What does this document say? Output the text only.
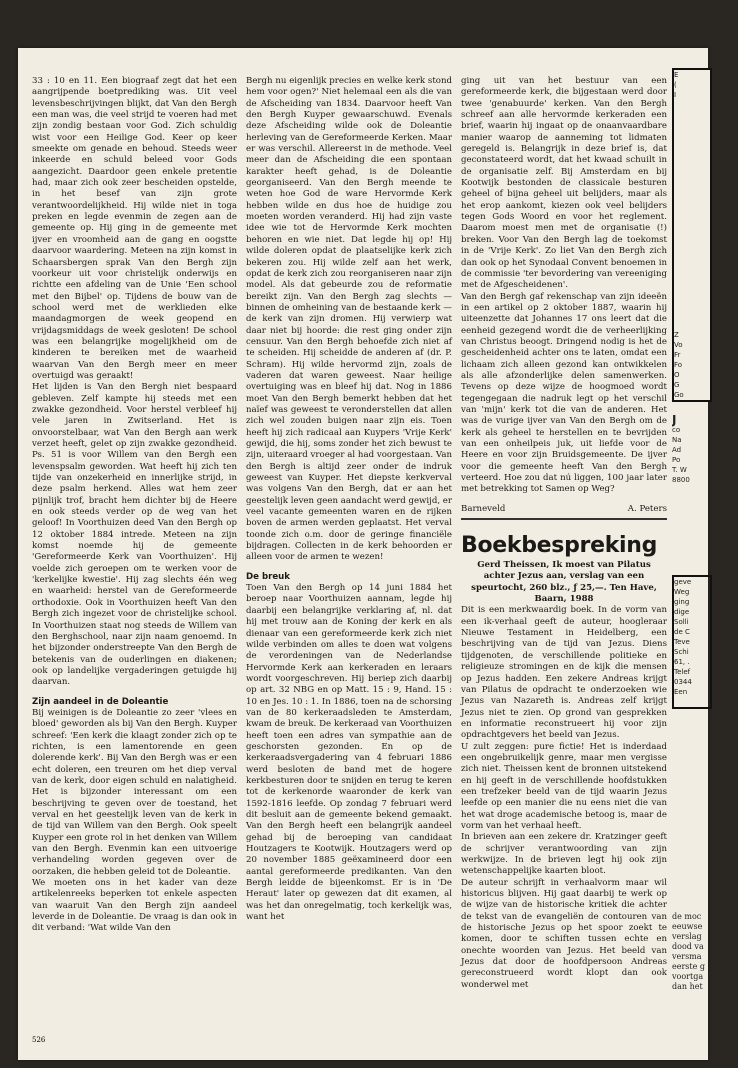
33 : 10 en 11. Een biograaf zegt dat het een aangrijpende boetprediking was. Uit veel levensbeschrijvingen blijkt, dat Van den Bergh een man was, die veel strijd te voeren had met zijn zondig bestaan voor God. Zich schuldig wist voor een Heilige God. Keer op keer smeekte om genade en behoud. Steeds weer inkeerde en schuld beleed voor Gods aangezicht. Daardoor geen enkele pretentie had, maar zich ook zeer bescheiden opstelde, in het besef van zijn grote verantwoordelijkheid. Hij wilde niet in toga preken en legde evenmin de zegen aan de gemeente op. Hij ging in de gemeente met ijver en vroomheid aan de gang en oogstte daarvoor waardering. Meteen na zijn komst in Schaarsbergen sprak Van den Bergh zijn voorkeur uit voor christelijk onderwijs en richtte een afdeling van de Unie 'Een school met den Bijbel' op. Tijdens de bouw van de school werd met de werklieden elke maandagmorgen de week geopend en vrijdagsmiddags de week gesloten! De school was een belangrijke mogelijkheid om de kinderen te bereiken met de waarheid waarvan Van den Bergh meer en meer overtuigd was geraakt!

Het lijden is Van den Bergh niet bespaard gebleven. Zelf kampte hij steeds met een zwakke gezondheid. Voor herstel verbleef hij vele jaren in Zwitserland. Het is onvoorstelbaar, wat Van den Bergh aan werk verzet heeft, gelet op zijn zwakke gezondheid. Ps. 51 is voor Willem van den Bergh een levenspsalm geworden. Wat heeft hij zich ten tijde van onzekerheid en innerlijke strijd, in deze psalm herkend. Alles wat hem zeer pijnlijk trof, bracht hem dichter bij de Heere en ook steeds verder op de weg van het geloof! In Voorthuizen deed Van den Bergh op 12 oktober 1884 intrede. Meteen na zijn komst noemde hij de gemeente 'Gereformeerde Kerk van Voorthuizen'. Hij voelde zich geroepen om te werken voor de 'kerkelijke kwestie'. Hij zag slechts één weg en waarheid: herstel van de Gereformeerde orthodoxie. Ook in Voorthuizen heeft Van den Bergh zich ingezet voor de christelijke school. In Voorthuizen staat nog steeds de Willem van den Berghschool, naar zijn naam genoemd. In het bijzonder onderstreepte Van den Bergh de betekenis van de ouderlingen en diakenen; ook op landelijke vergaderingen getuigde hij daarvan.

Zijn aandeel in de Doleantie

Bij weinigen is de Doleantie zo zeer 'vlees en bloed' geworden als bij Van den Bergh. Kuyper schreef: 'Een kerk die klaagt zonder zich op te richten, is een lamentorende en geen dolerende kerk'. Bij Van den Bergh was er een echt doleren, een treuren om het diep verval van de kerk, door eigen schuld en nalatigheid. Het is bijzonder interessant om een beschrijving te geven over de toestand, het verval en het geestelijk leven van de kerk in de tijd van Willem van den Bergh. Ook speelt Kuyper een grote rol in het denken van Willem van den Bergh. Evenmin kan een uitvoerige verhandeling worden gegeven over de oorzaken, die hebben geleid tot de Doleantie.

We moeten ons in het kader van deze artikelenreeks beperken tot enkele aspecten van waaruit Van den Bergh zijn aandeel leverde in de Doleantie. De vraag is dan ook in dit verband: 'Wat wilde Van den

Bergh nu eigenlijk precies en welke kerk stond hem voor ogen?' Niet helemaal een als die van de Afscheiding van 1834. Daarvoor heeft Van den Bergh Kuyper gewaarschuwd. Evenals deze Afscheiding wilde ook de Doleantie herleving van de Gereformeerde Kerken. Maar er was verschil. Allereerst in de methode. Veel meer dan de Afscheiding die een spontaan karakter heeft gehad, is de Doleantie georganiseerd. Van den Bergh meende te weten hoe God de ware Hervormde Kerk hebben wilde en dus hoe de huidige zou moeten worden veranderd. Hij had zijn vaste idee wie tot de Hervormde Kerk mochten behoren en wie niet. Dat legde hij op! Hij wilde doleren opdat de plaatselijke kerk zich bekeren zou. Hij wilde zelf aan het werk, opdat de kerk zich zou reorganiseren naar zijn model. Als dat gebeurde zou de reformatie bereikt zijn. Van den Bergh zag slechts — binnen de omheining van de bestaande kerk — de kerk van zijn dromen. Hij verwierp wat daar niet bij hoorde: die rest ging onder zijn censuur. Van den Bergh behoefde zich niet af te scheiden. Hij scheidde de anderen af (dr. P. Schram). Hij wilde hervormd zijn, zoals de vaderen dat waren geweest. Naar heilige overtuiging was en bleef hij dat. Nog in 1886 moet Van den Bergh bemerkt hebben dat het naïef was geweest te veronderstellen dat allen zich wel zouden buigen naar zijn eis. Toen heeft hij zich radicaal aan Kuypers 'Vrije Kerk' gewijd, die hij, soms zonder het zich bewust te zijn, uiteraard vroeger al had voorgestaan. Van den Bergh is altijd zeer onder de indruk geweest van Kuyper. Het diepste kerkverval was volgens Van den Bergh, dat er aan het geestelijk leven geen aandacht werd gewijd, er veel vacante gemeenten waren en de rijken boven de armen werden geplaatst. Het verval toonde zich o.m. door de geringe financiële bijdragen. Collecten in de kerk behoorden er alleen voor de armen te wezen!

De breuk

Toen Van den Bergh op 14 juni 1884 het beroep naar Voorthuizen aannam, legde hij daarbij een belangrijke verklaring af, nl. dat hij met trouw aan de Koning der kerk en als dienaar van een gereformeerde kerk zich niet wilde verbinden om alles te doen wat volgens de verordeningen van de Nederlandse Hervormde Kerk aan kerkeraden en leraars wordt voorgeschreven. Hij beriep zich daarbij op art. 32 NBG en op Matt. 15 : 9, Hand. 15 : 10 en Jes. 10 : 1. In 1886, toen na de schorsing van de 80 kerkeraadsleden te Amsterdam, kwam de breuk. De kerkeraad van Voorthuizen heeft toen een adres van sympathie aan de geschorsten gezonden. En op de kerkeraadsvergadering van 4 februari 1886 werd besloten de band met de hogere kerkbesturen door te snijden en terug te keren tot de kerkenorde waaronder de kerk van 1592-1816 leefde. Op zondag 7 februari werd dit besluit aan de gemeente bekend gemaakt. Van den Bergh heeft een belangrijk aandeel gehad bij de beroeping van candidaat Houtzagers te Kootwijk. Houtzagers werd op 20 november 1885 geëxamineerd door een aantal gereformeerde predikanten. Van den Bergh leidde de bijeenkomst. Er is in 'De Heraut' later op gewezen dat dit examen, al was het dan onregelmatig, toch kerkelijk was, want het

ging uit van het bestuur van een gereformeerde kerk, die bijgestaan werd door twee 'genabuurde' kerken. Van den Bergh schreef aan alle hervormde kerkeraden een brief, waarin hij ingaat op de onaanvaardbare manier waarop de aanneming tot lidmaten geregeld is. Belangrijk in deze brief is, dat geconstateerd wordt, dat het kwaad schuilt in de organisatie zelf. Bij Amsterdam en bij Kootwijk bestonden de classicale besturen geheel of bijna geheel uit belijders, maar als het erop aankomt, kiezen ook veel belijders tegen Gods Woord en voor het reglement. Daarom moest men met de organisatie (!) breken. Voor Van den Bergh lag de toekomst in de 'Vrije Kerk'. Zo liet Van den Bergh zich dan ook op het Synodaal Convent benoemen in de commissie 'ter bevordering van vereeniging met de Afgescheidenen'.

Van den Bergh gaf rekenschap van zijn ideeën in een artikel op 2 oktober 1887, waarin hij uiteenzette dat Johannes 17 ons leert dat die eenheid gezegend wordt die de verheerlijking van Christus beoogt. Dringend nodig is het de gescheidenheid achter ons te laten, omdat een lichaam zich alleen gezond kan ontwikkelen als alle afzonderlijke delen samenwerken. Tevens op deze wijze de hoogmoed wordt tegengegaan die nadruk legt op het verschil van 'mijn' kerk tot die van de anderen. Het was de vurige ijver van Van den Bergh om de kerk als geheel te herstellen en te bevrijden van een onheilpeis juk, uit liefde voor de Heere en voor zijn Bruidsgemeente. De ijver voor die gemeente heeft Van den Bergh verteerd. Hoe zou dat nú liggen, 100 jaar later met betrekking tot Samen op Weg?

Barneveld	A. Peters
Boekbespreking

Gerd Theissen, Ik moest van Pilatus achter Jezus aan, verslag van een speurtocht, 260 blz., ƒ 25,—. Ten Have, Baarn, 1988

Dit is een merkwaardig boek. In de vorm van een ik-verhaal geeft de auteur, hoogleraar Nieuwe Testament in Heidelberg, een beschrijving van de tijd van Jezus. Diens tijdgenoten, de verschillende politieke en religieuze stromingen en de kijk die mensen op Jezus hadden. Een zekere Andreas krijgt van Pilatus de opdracht te onderzoeken wie Jezus van Nazareth is. Andreas zelf krijgt Jezus niet te zien. Op grond van gesprekken en informatie reconstrueert hij voor zijn opdrachtgevers het beeld van Jezus.

U zult zeggen: pure fictie! Het is inderdaad een ongebruikelijk genre, maar men vergisse zich niet. Theissen kent de bronnen uitstekend en hij geeft in de verschillende hoofdstukken een trefzeker beeld van de tijd waarin Jezus leefde op een manier die nu eens niet die van het wat droge academische betoog is, maar de vorm van het verhaal heeft.

In brieven aan een zekere dr. Kratzinger geeft de schrijver verantwoording van zijn werkwijze. In de brieven legt hij ook zijn wetenschappelijke kaarten bloot.

De auteur schrijft in verhaalvorm maar wil historicus blijven. Hij gaat daarbij te werk op de wijze van de historische kritiek die achter de tekst van de evangeliën de contouren van de historische Jezus op het spoor zoekt te komen, door te schiften tussen echte en onechte woorden van Jezus. Het beeld van Jezus dat door de hoofdpersoon Andreas gereconstrueerd wordt klopt dan ook wonderwel met

526
E
(
I
Z
Vo
Fr
Fo
O
G
Go
J
co
Na
Ad
Po
T. W
8800
geve
Weg
ging
dige
Solli
de C
Teve
Schi
61, .
Telef
0344
Een
de moc
eeuwse
verslag
dood va
versma
eerste g
voortga
dan het
